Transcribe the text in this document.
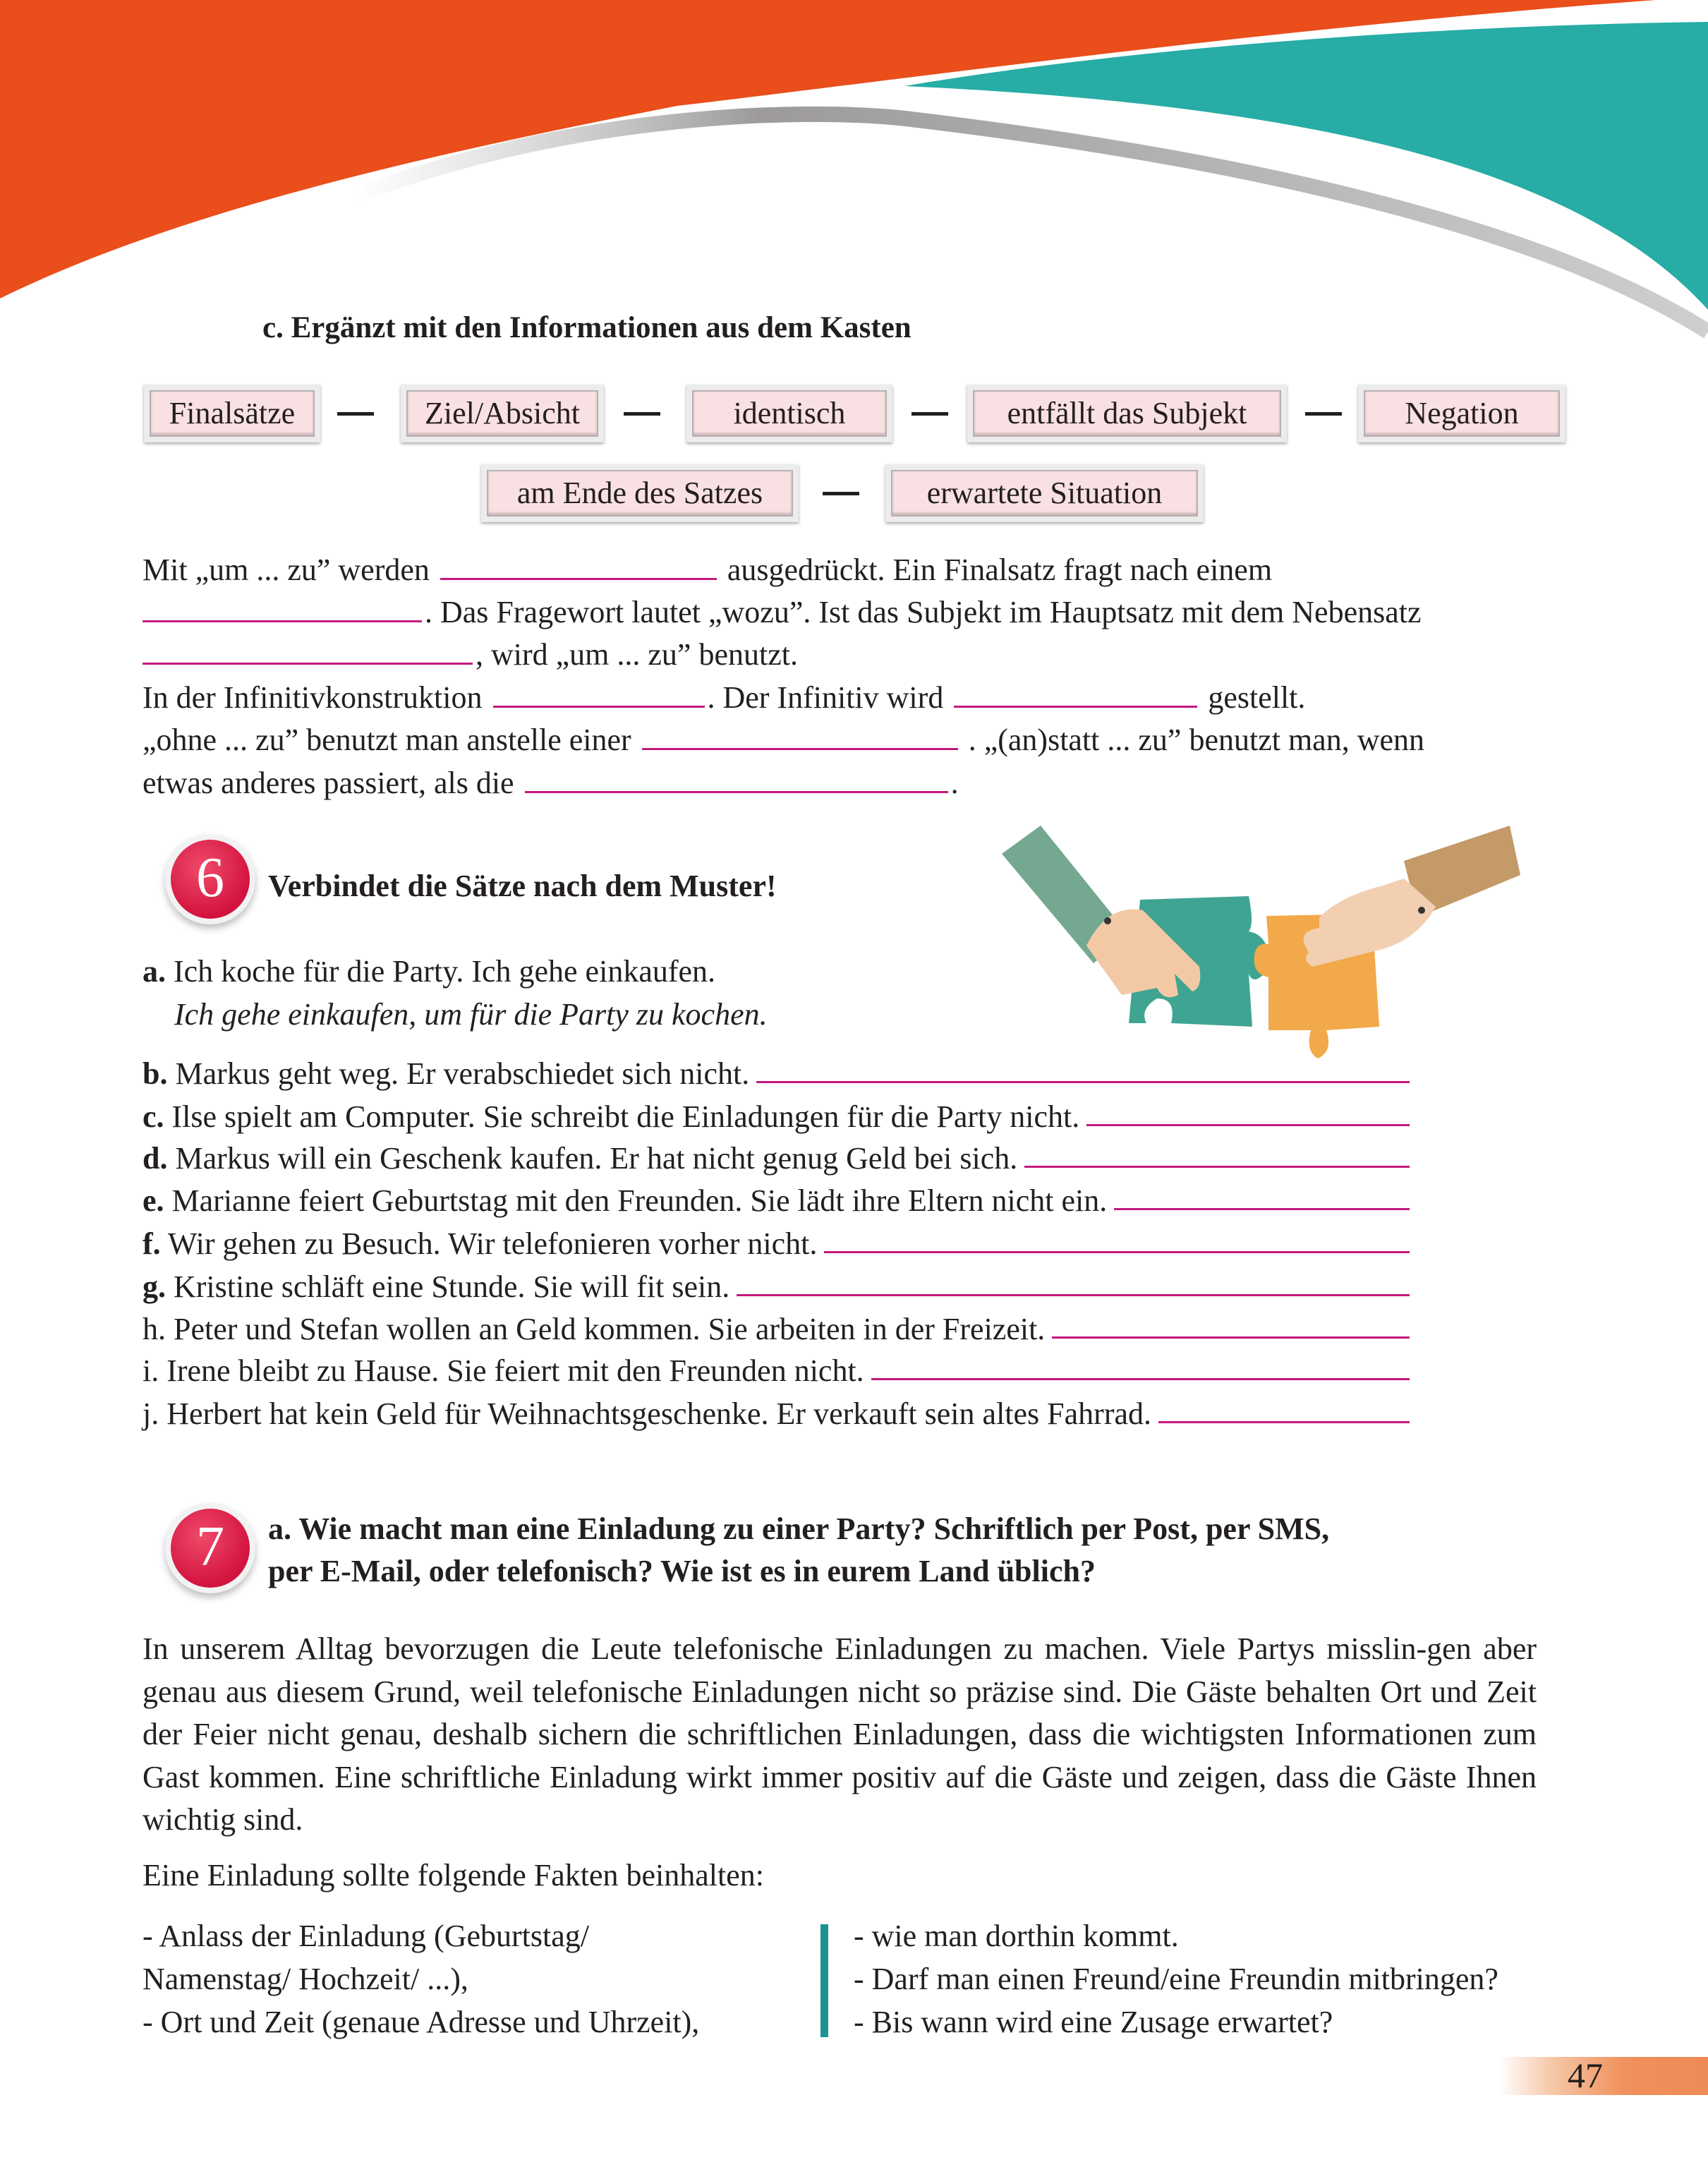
c. Ergänzt mit den Informationen aus dem Kasten
Finalsätze	Ziel/Absicht	identisch	entfällt das Subjekt	Negation
am Ende des Satzes	erwartete Situation
Mit „um ... zu” werden	ausgedrückt. Ein Finalsatz fragt nach einem
. Das Fragewort lautet „wozu”. Ist das Subjekt im Hauptsatz mit dem Nebensatz
, wird „um ... zu” benutzt.
In der Infinitivkonstruktion	. Der Infinitiv wird	gestellt.
„ohne ... zu” benutzt man anstelle einer	. „(an)statt ... zu” benutzt man, wenn
etwas anderes passiert, als die	.
6	Verbindet die Sätze nach dem Muster!
a. Ich koche für die Party. Ich gehe einkaufen.
Ich gehe einkaufen, um für die Party zu kochen.
b. Markus geht weg. Er verabschiedet sich nicht.
c. Ilse spielt am Computer. Sie schreibt die Einladungen für die Party nicht.
d. Markus will ein Geschenk kaufen. Er hat nicht genug Geld bei sich.
e. Marianne feiert Geburtstag mit den Freunden. Sie lädt ihre Eltern nicht ein.
f. Wir gehen zu Besuch. Wir telefonieren vorher nicht.
g. Kristine schläft eine Stunde. Sie will fit sein.
h. Peter und Stefan wollen an Geld kommen. Sie arbeiten in der Freizeit.
i. Irene bleibt zu Hause. Sie feiert mit den Freunden nicht.
j. Herbert hat kein Geld für Weihnachtsgeschenke. Er verkauft sein altes Fahrrad.
7	a. Wie macht man eine Einladung zu einer Party? Schriftlich per Post, per SMS,
per E-Mail, oder telefonisch? Wie ist es in eurem Land üblich?
In unserem Alltag bevorzugen die Leute telefonische Einladungen zu machen. Viele Partys misslin-gen aber genau aus diesem Grund, weil telefonische Einladungen nicht so präzise sind. Die Gäste behalten Ort und Zeit der Feier nicht genau, deshalb sichern die schriftlichen Einladungen, dass die wichtigsten Informationen zum Gast kommen. Eine schriftliche Einladung wirkt immer positiv auf die Gäste und zeigen, dass die Gäste Ihnen wichtig sind.
Eine Einladung sollte folgende Fakten beinhalten:
- Anlass der Einladung (Geburtstag/
Namenstag/ Hochzeit/ ...),
- Ort und Zeit (genaue Adresse und Uhrzeit),
- wie man dorthin kommt.
- Darf man einen Freund/eine Freundin mitbringen?
- Bis wann wird eine Zusage erwartet?
47
